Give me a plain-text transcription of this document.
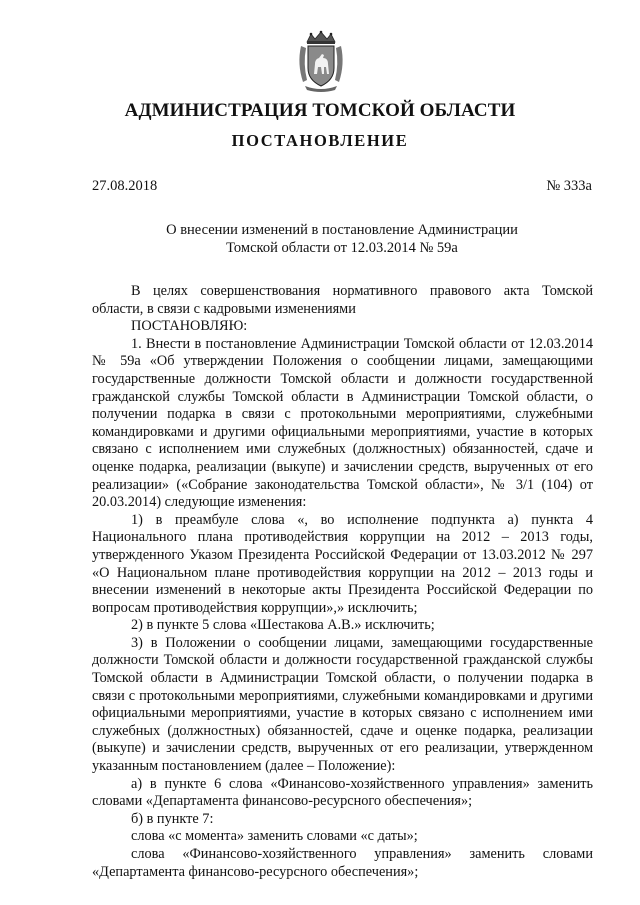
АДМИНИСТРАЦИЯ ТОМСКОЙ ОБЛАСТИ
ПОСТАНОВЛЕНИЕ
27.08.2018	№ 333а
О внесении изменений в постановление Администрации
Томской области от 12.03.2014 № 59а

В целях совершенствования нормативного правового акта Томской области, в связи с кадровыми изменениями

ПОСТАНОВЛЯЮ:

1. Внести в постановление Администрации Томской области от 12.03.2014 № 59а «Об утверждении Положения о сообщении лицами, замещающими государственные должности Томской области и должности государственной гражданской службы Томской области в Администрации Томской области, о получении подарка в связи с протокольными мероприятиями, служебными командировками и другими официальными мероприятиями, участие в которых связано с исполнением ими служебных (должностных) обязанностей, сдаче и оценке подарка, реализации (выкупе) и зачислении средств, вырученных от его реализации» («Собрание законодательства Томской области», № 3/1 (104) от 20.03.2014) следующие изменения:

1) в преамбуле слова «, во исполнение подпункта а) пункта 4 Национального плана противодействия коррупции на 2012 – 2013 годы, утвержденного Указом Президента Российской Федерации от 13.03.2012 № 297 «О Национальном плане противодействия коррупции на 2012 – 2013 годы и внесении изменений в некоторые акты Президента Российской Федерации по вопросам противодействия коррупции»,» исключить;

2) в пункте 5 слова «Шестакова А.В.» исключить;

3) в Положении о сообщении лицами, замещающими государственные должности Томской области и должности государственной гражданской службы Томской области в Администрации Томской области, о получении подарка в связи с протокольными мероприятиями, служебными командировками и другими официальными мероприятиями, участие в которых связано с исполнением ими служебных (должностных) обязанностей, сдаче и оценке подарка, реализации (выкупе) и зачислении средств, вырученных от его реализации, утвержденном указанным постановлением (далее – Положение):

а) в пункте 6 слова «Финансово-хозяйственного управления» заменить словами «Департамента финансово-ресурсного обеспечения»;

б) в пункте 7:

слова «с момента» заменить словами «с даты»;

слова «Финансово-хозяйственного управления» заменить словами «Департамента финансово-ресурсного обеспечения»;
